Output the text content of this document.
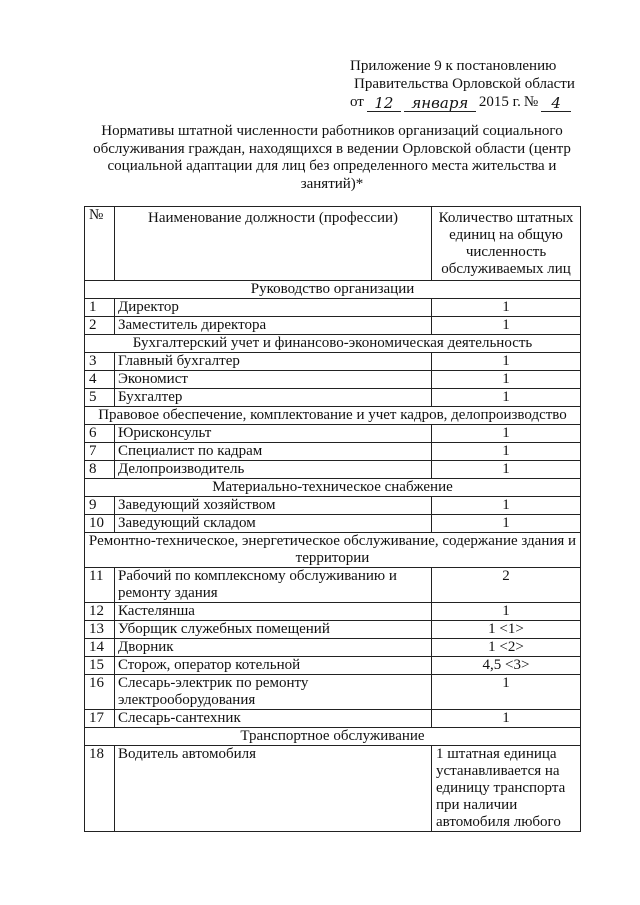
Приложение 9 к постановлению
Правительства Орловской области
от 12	января 2015 г. № 4
Нормативы штатной численности работников организаций социального обслуживания граждан, находящихся в ведении Орловской области (центр социальной адаптации для лиц без определенного места жительства и занятий)*
№	Наименование должности (профессии)	Количество штатных единиц на общую численность обслуживаемых лиц
Руководство организации		
1	Директор	1
2	Заместитель директора	1
Бухгалтерский учет и финансово-экономическая деятельность		
3	Главный бухгалтер	1
4	Экономист	1
5	Бухгалтер	1
Правовое обеспечение, комплектование и учет кадров, делопроизводство		
6	Юрисконсульт	1
7	Специалист по кадрам	1
8	Делопроизводитель	1
Материально-техническое снабжение		
9	Заведующий хозяйством	1
10	Заведующий складом	1
Ремонтно-техническое, энергетическое обслуживание, содержание здания и территории		
11	Рабочий по комплексному обслуживанию и ремонту здания	2
12	Кастелянша	1
13	Уборщик служебных помещений	1 <1>
14	Дворник	1 <2>
15	Сторож, оператор котельной	4,5 <3>
16	Слесарь-электрик по ремонту электрооборудования	1
17	Слесарь-сантехник	1
Транспортное обслуживание		
18	Водитель автомобиля	1 штатная единица устанавливается на единицу транспорта при наличии автомобиля любого
